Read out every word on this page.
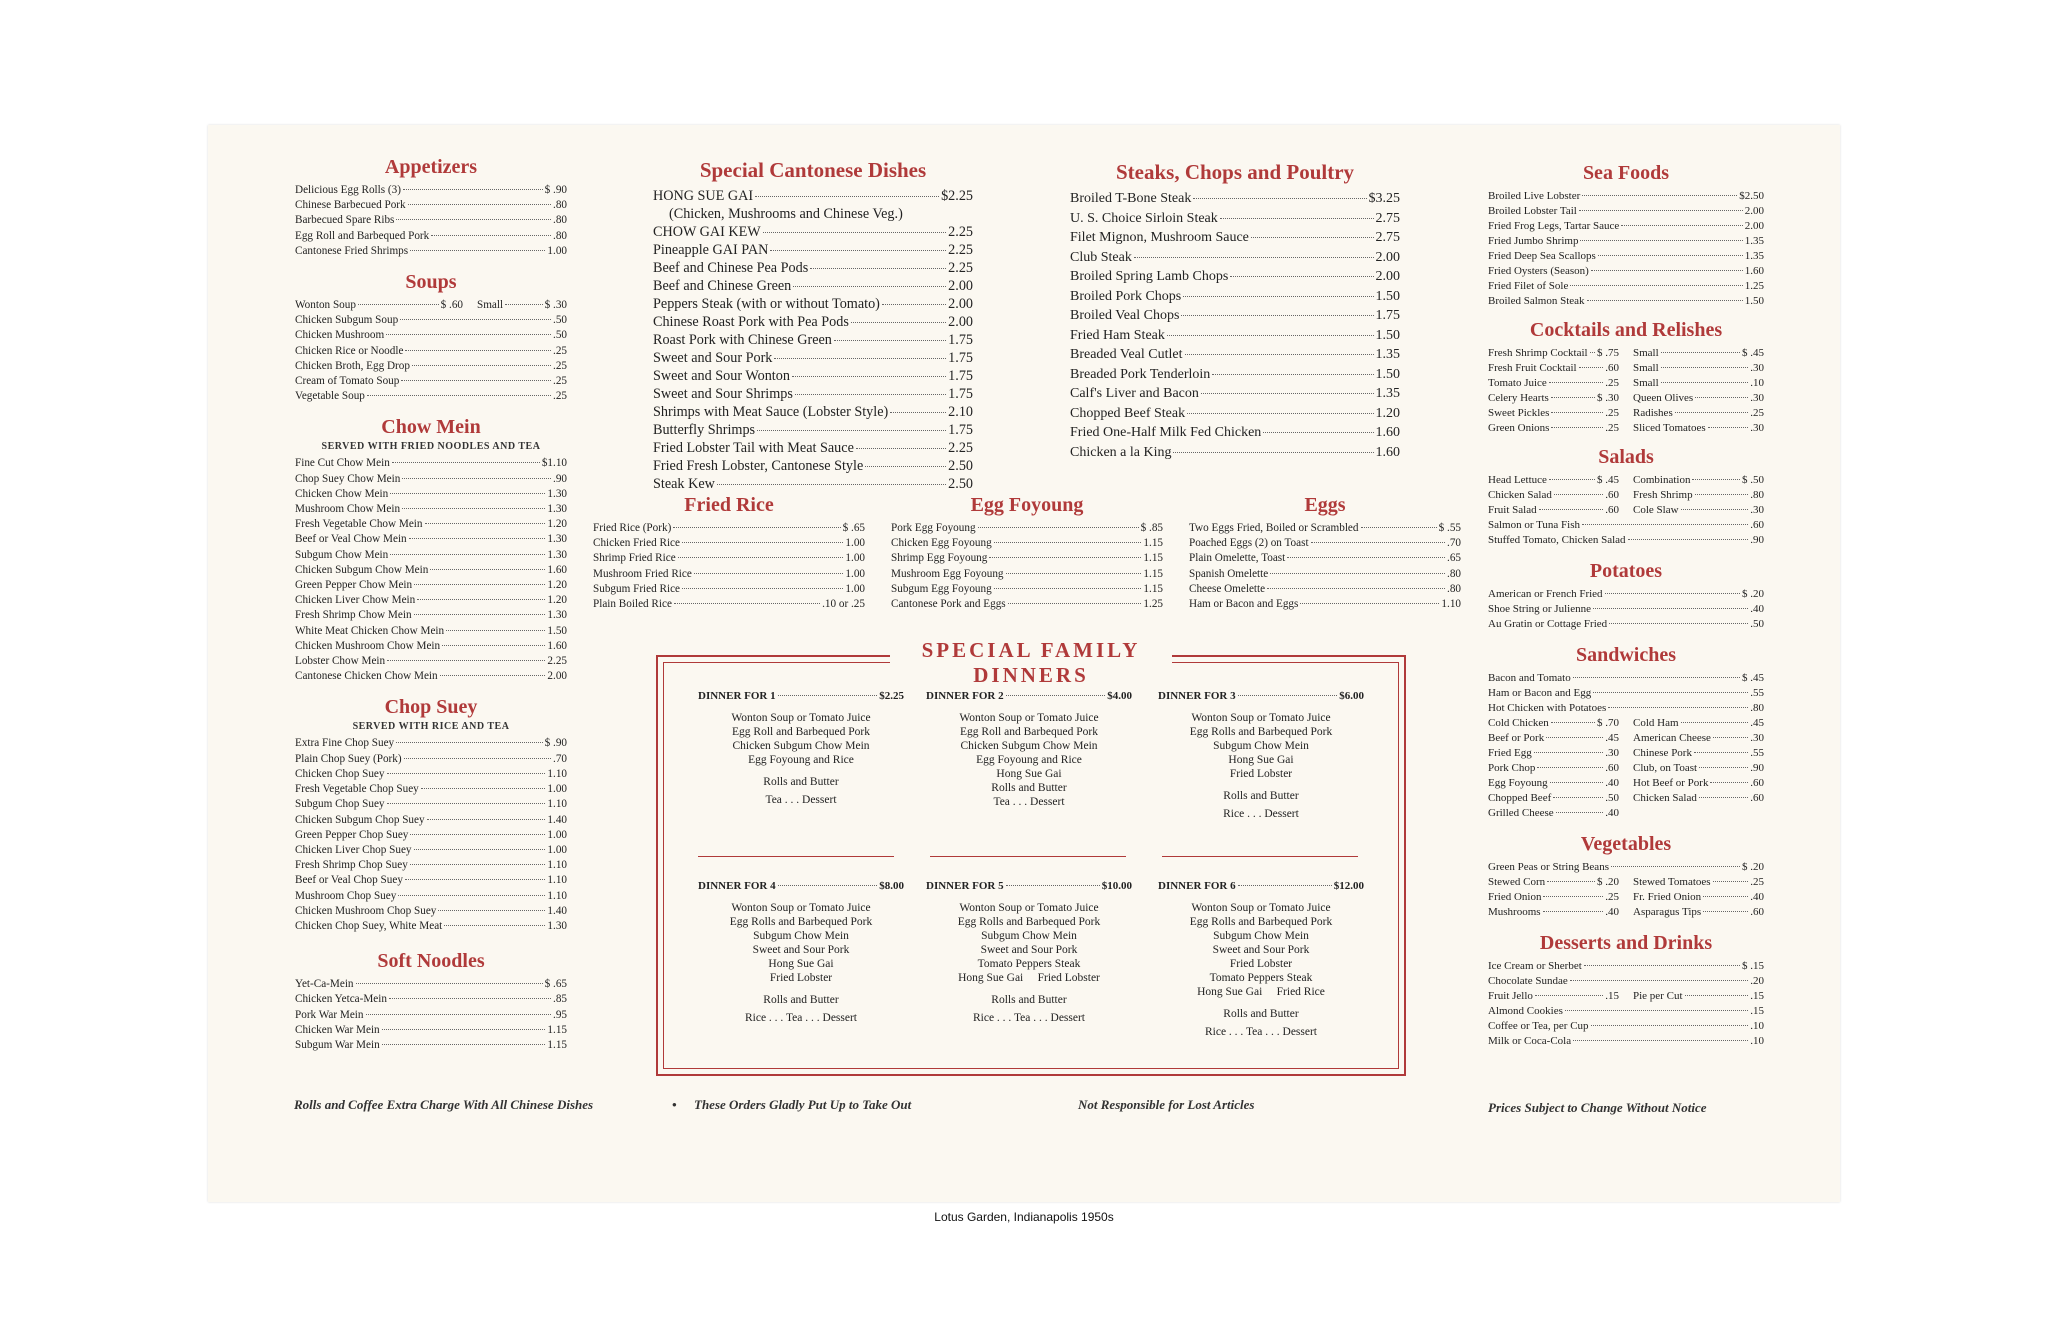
Appetizers
Delicious Egg Rolls (3)	$ .90
Chinese Barbecued Pork	.80
Barbecued Spare Ribs	.80
Egg Roll and Barbequed Pork	.80
Cantonese Fried Shrimps	1.00
Soups
Wonton Soup	$ .60 Small	$ .30
Chicken Subgum Soup	.50
Chicken Mushroom	.50
Chicken Rice or Noodle	.25
Chicken Broth, Egg Drop	.25
Cream of Tomato Soup	.25
Vegetable Soup	.25
Chow Mein
SERVED WITH FRIED NOODLES AND TEA
Fine Cut Chow Mein	$1.10
Chop Suey Chow Mein	.90
Chicken Chow Mein	1.30
Mushroom Chow Mein	1.30
Fresh Vegetable Chow Mein	1.20
Beef or Veal Chow Mein	1.30
Subgum Chow Mein	1.30
Chicken Subgum Chow Mein	1.60
Green Pepper Chow Mein	1.20
Chicken Liver Chow Mein	1.20
Fresh Shrimp Chow Mein	1.30
White Meat Chicken Chow Mein	1.50
Chicken Mushroom Chow Mein	1.60
Lobster Chow Mein	2.25
Cantonese Chicken Chow Mein	2.00
Chop Suey
SERVED WITH RICE AND TEA
Extra Fine Chop Suey	$ .90
Plain Chop Suey (Pork)	.70
Chicken Chop Suey	1.10
Fresh Vegetable Chop Suey	1.00
Subgum Chop Suey	1.10
Chicken Subgum Chop Suey	1.40
Green Pepper Chop Suey	1.00
Chicken Liver Chop Suey	1.00
Fresh Shrimp Chop Suey	1.10
Beef or Veal Chop Suey	1.10
Mushroom Chop Suey	1.10
Chicken Mushroom Chop Suey	1.40
Chicken Chop Suey, White Meat	1.30
Soft Noodles
Yet-Ca-Mein	$ .65
Chicken Yetca-Mein	.85
Pork War Mein	.95
Chicken War Mein	1.15
Subgum War Mein	1.15
Special Cantonese Dishes
HONG SUE GAI	$2.25
(Chicken, Mushrooms and Chinese Veg.)
CHOW GAI KEW	2.25
Pineapple GAI PAN	2.25
Beef and Chinese Pea Pods	2.25
Beef and Chinese Green	2.00
Peppers Steak (with or without Tomato)	2.00
Chinese Roast Pork with Pea Pods	2.00
Roast Pork with Chinese Green	1.75
Sweet and Sour Pork	1.75
Sweet and Sour Wonton	1.75
Sweet and Sour Shrimps	1.75
Shrimps with Meat Sauce (Lobster Style)	2.10
Butterfly Shrimps	1.75
Fried Lobster Tail with Meat Sauce	2.25
Fried Fresh Lobster, Cantonese Style	2.50
Steak Kew	2.50
Steaks, Chops and Poultry
Broiled T-Bone Steak	$3.25
U. S. Choice Sirloin Steak	2.75
Filet Mignon, Mushroom Sauce	2.75
Club Steak	2.00
Broiled Spring Lamb Chops	2.00
Broiled Pork Chops	1.50
Broiled Veal Chops	1.75
Fried Ham Steak	1.50
Breaded Veal Cutlet	1.35
Breaded Pork Tenderloin	1.50
Calf's Liver and Bacon	1.35
Chopped Beef Steak	1.20
Fried One-Half Milk Fed Chicken	1.60
Chicken a la King	1.60
Fried Rice
Fried Rice (Pork)	$ .65
Chicken Fried Rice	1.00
Shrimp Fried Rice	1.00
Mushroom Fried Rice	1.00
Subgum Fried Rice	1.00
Plain Boiled Rice	.10 or .25
Egg Foyoung
Pork Egg Foyoung	$ .85
Chicken Egg Foyoung	1.15
Shrimp Egg Foyoung	1.15
Mushroom Egg Foyoung	1.15
Subgum Egg Foyoung	1.15
Cantonese Pork and Eggs	1.25
Eggs
Two Eggs Fried, Boiled or Scrambled	$ .55
Poached Eggs (2) on Toast	.70
Plain Omelette, Toast	.65
Spanish Omelette	.80
Cheese Omelette	.80
Ham or Bacon and Eggs	1.10
SPECIAL FAMILY DINNERS
DINNER FOR 1	$2.25
Wonton Soup or Tomato Juice
Egg Roll and Barbequed Pork
Chicken Subgum Chow Mein
Egg Foyoung and Rice
Rolls and Butter
Tea . . . Dessert
DINNER FOR 2	$4.00
Wonton Soup or Tomato Juice
Egg Roll and Barbequed Pork
Chicken Subgum Chow Mein
Egg Foyoung and Rice
Hong Sue Gai
Rolls and Butter
Tea . . . Dessert
DINNER FOR 3	$6.00
Wonton Soup or Tomato Juice
Egg Rolls and Barbequed Pork
Subgum Chow Mein
Hong Sue Gai
Fried Lobster
Rolls and Butter
Rice . . . Dessert
DINNER FOR 4	$8.00
Wonton Soup or Tomato Juice
Egg Rolls and Barbequed Pork
Subgum Chow Mein
Sweet and Sour Pork
Hong Sue Gai
Fried Lobster
Rolls and Butter
Rice . . . Tea . . . Dessert
DINNER FOR 5	$10.00
Wonton Soup or Tomato Juice
Egg Rolls and Barbequed Pork
Subgum Chow Mein
Sweet and Sour Pork
Tomato Peppers Steak
Hong Sue Gai     Fried Lobster
Rolls and Butter
Rice . . . Tea . . . Dessert
DINNER FOR 6	$12.00
Wonton Soup or Tomato Juice
Egg Rolls and Barbequed Pork
Subgum Chow Mein
Sweet and Sour Pork
Fried Lobster
Tomato Peppers Steak
Hong Sue Gai     Fried Rice
Rolls and Butter
Rice . . . Tea . . . Dessert
Sea Foods
Broiled Live Lobster	$2.50
Broiled Lobster Tail	2.00
Fried Frog Legs, Tartar Sauce	2.00
Fried Jumbo Shrimp	1.35
Fried Deep Sea Scallops	1.35
Fried Oysters (Season)	1.60
Fried Filet of Sole	1.25
Broiled Salmon Steak	1.50
Cocktails and Relishes
Fresh Shrimp Cocktail $ .75 Small	$ .45
Fresh Fruit Cocktail	.60 Small	.30
Tomato Juice	.25 Small	.10
Celery Hearts	$ .30 Queen Olives	.30
Sweet Pickles	.25 Radishes	.25
Green Onions	.25 Sliced Tomatoes	.30
Salads
Head Lettuce	$ .45 Combination	$ .50
Chicken Salad	.60 Fresh Shrimp	.80
Fruit Salad	.60 Cole Slaw	.30
Salmon or Tuna Fish	.60
Stuffed Tomato, Chicken Salad	.90
Potatoes
American or French Fried	$ .20
Shoe String or Julienne	.40
Au Gratin or Cottage Fried	.50
Sandwiches
Bacon and Tomato	$ .45
Ham or Bacon and Egg	.55
Hot Chicken with Potatoes	.80
Cold Chicken	$ .70 Cold Ham	.45
Beef or Pork	.45 American Cheese	.30
Fried Egg	.30 Chinese Pork	.55
Pork Chop	.60 Club, on Toast	.90
Egg Foyoung	.40 Hot Beef or Pork	.60
Chopped Beef	.50 Chicken Salad	.60
Grilled Cheese	.40
Vegetables
Green Peas or String Beans	$ .20
Stewed Corn	$ .20 Stewed Tomatoes	.25
Fried Onion	.25 Fr. Fried Onion	.40
Mushrooms	.40 Asparagus Tips	.60
Desserts and Drinks
Ice Cream or Sherbet	$ .15
Chocolate Sundae	.20
Fruit Jello	.15 Pie per Cut	.15
Almond Cookies	.15
Coffee or Tea, per Cup	.10
Milk or Coca-Cola	.10
Rolls and Coffee Extra Charge With All Chinese Dishes	• These Orders Gladly Put Up to Take Out	Not Responsible for Lost Articles	Prices Subject to Change Without Notice
Lotus Garden, Indianapolis 1950s
